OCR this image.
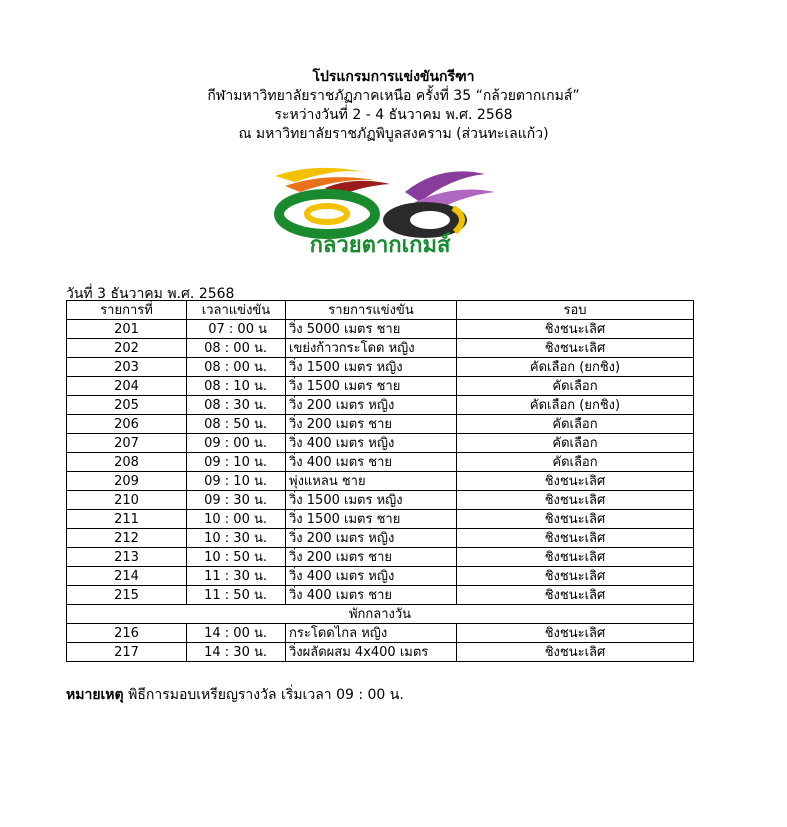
โปรแกรมการแข่งขันกรีฑา
กีฬามหาวิทยาลัยราชภัฏภาคเหนือ ครั้งที่ 35 “กล้วยตากเกมส์”
ระหว่างวันที่ 2 - 4 ธันวาคม พ.ศ. 2568
ณ มหาวิทยาลัยราชภัฏพิบูลสงคราม (ส่วนทะเลแก้ว)
กล้วยตากเกมส์
วันที่ 3 ธันวาคม พ.ศ. 2568
รายการที่	เวลาแข่งขัน	รายการแข่งขัน	รอบ
201	07 : 00 น	วิ่ง 5000 เมตร ชาย	ชิงชนะเลิศ
202	08 : 00 น.	เขย่งก้าวกระโดด หญิง	ชิงชนะเลิศ
203	08 : 00 น.	วิ่ง 1500 เมตร หญิง	คัดเลือก (ยกชิง)
204	08 : 10 น.	วิ่ง 1500 เมตร ชาย	คัดเลือก
205	08 : 30 น.	วิ่ง 200 เมตร หญิง	คัดเลือก (ยกชิง)
206	08 : 50 น.	วิ่ง 200 เมตร ชาย	คัดเลือก
207	09 : 00 น.	วิ่ง 400 เมตร หญิง	คัดเลือก
208	09 : 10 น.	วิ่ง 400 เมตร ชาย	คัดเลือก
209	09 : 10 น.	พุ่งแหลน ชาย	ชิงชนะเลิศ
210	09 : 30 น.	วิ่ง 1500 เมตร หญิง	ชิงชนะเลิศ
211	10 : 00 น.	วิ่ง 1500 เมตร ชาย	ชิงชนะเลิศ
212	10 : 30 น.	วิ่ง 200 เมตร หญิง	ชิงชนะเลิศ
213	10 : 50 น.	วิ่ง 200 เมตร ชาย	ชิงชนะเลิศ
214	11 : 30 น.	วิ่ง 400 เมตร หญิง	ชิงชนะเลิศ
215	11 : 50 น.	วิ่ง 400 เมตร ชาย	ชิงชนะเลิศ
พักกลางวัน			
216	14 : 00 น.	กระโดดไกล หญิง	ชิงชนะเลิศ
217	14 : 30 น.	วิ่งผลัดผสม 4x400 เมตร	ชิงชนะเลิศ
หมายเหตุ พิธีการมอบเหรียญรางวัล เริ่มเวลา 09 : 00 น.
